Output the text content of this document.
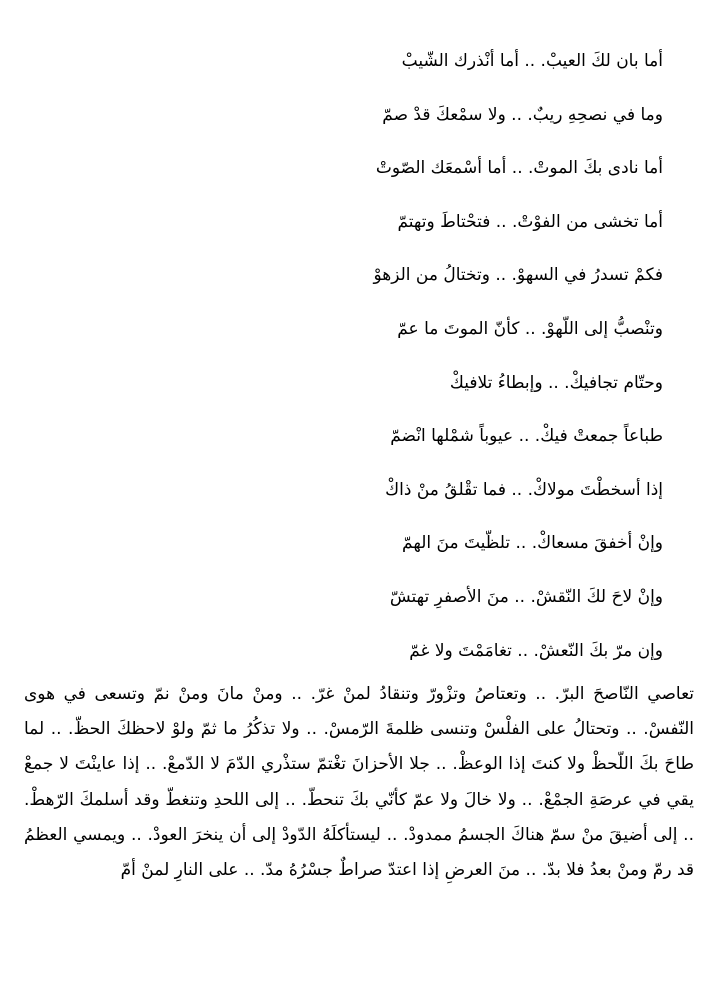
أما بان لكَ العيبْ. .. أما أنْذرك الشّيبْ
وما في نصحِهِ ريبٌ. .. ولا سمْعكَ قدْ صمّ
أما نادى بكَ الموتْ. .. أما أسْمعَك الصّوتْ
أما تخشى من الفوْتْ. .. فتحْتاطَ وتهتمّ
فكمْ تسدرُ في السهوْ. .. وتختالُ من الزهوْ
وتنْصبُّ إلى اللّهوْ. .. كأنّ الموتَ ما عمّ
وحتّام تجافيكْ. .. وإبطاءُ تلافيكْ
طباعاً جمعتْ فيكْ. .. عيوباً شمْلها انْضمّ
إذا أسخطْتَ مولاكْ. .. فما تقْلقُ منْ ذاكْ
وإنْ أخفقَ مسعاكْ. .. تلظّيتَ منَ الهمّ
وإنْ لاحَ لكَ النّقشْ. .. منَ الأصفرِ تهتشّ
وإن مرّ بكَ النّعشْ. .. تغامَمْتَ ولا غمّ

تعاصي النّاصحَ البرّ. .. وتعتاصُ وتزْورّ وتنقادُ لمنْ غرّ. .. ومنْ مانَ ومنْ نمّ وتسعى في هوى النّفسْ. .. وتحتالُ على الفلْسْ وتنسى ظلمةَ الرّمسْ. .. ولا تذكُرُ ما ثمّ ولوْ لاحظكَ الحظّ. .. لما طاحَ بكَ اللّحظْ ولا كنتَ إذا الوعظْ. .. جلا الأحزانَ تغْتمّ ستذْري الدّمَ لا الدّمعْ. .. إذا عاينْتَ لا جمعْ يقي في عرصَةِ الجمْعْ. .. ولا خالَ ولا عمّ كأنّي بكَ تنحطّ. .. إلى اللحدِ وتنغطّ وقد أسلمكَ الرّهطْ. .. إلى أضيقَ منْ سمّ هناكَ الجسمُ ممدودْ. .. ليستأكلَهُ الدّودْ إلى أن ينخرَ العودْ. .. ويمسي العظمُ قد رمّ ومنْ بعدُ فلا بدّ. .. منَ العرضِ إذا اعتدّ صراطٌ جسْرُهُ مدّ. .. على النارِ لمنْ أمّ
